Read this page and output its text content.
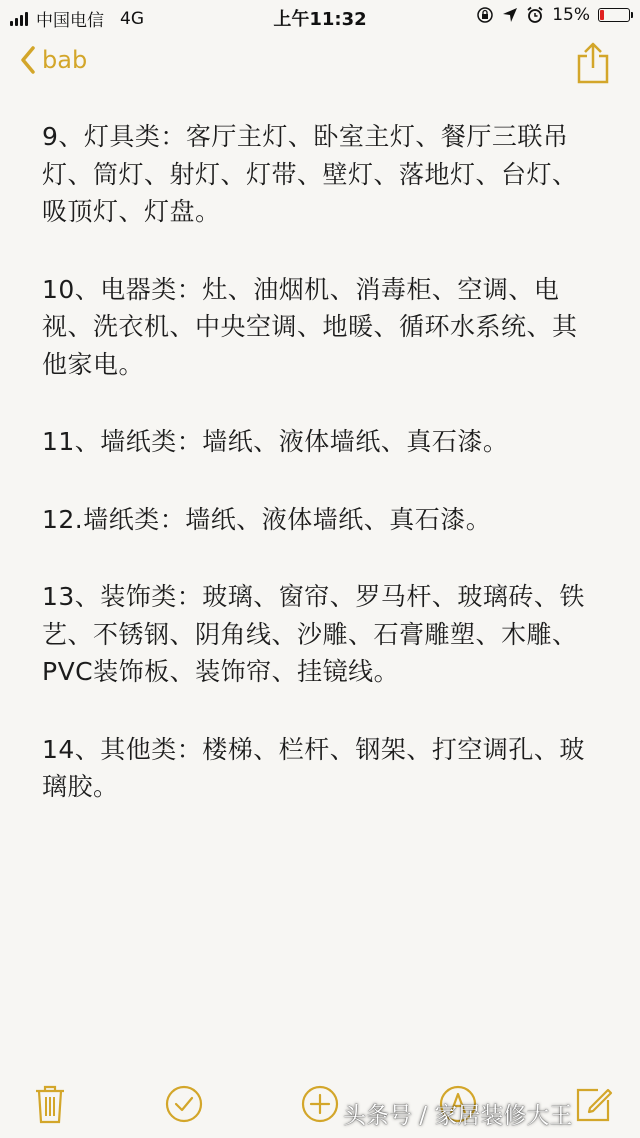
中国电信 4G	上午11:32	15%
bab

9、灯具类：客厅主灯、卧室主灯、餐厅三联吊灯、筒灯、射灯、灯带、壁灯、落地灯、台灯、吸顶灯、灯盘。

10、电器类：灶、油烟机、消毒柜、空调、电视、洗衣机、中央空调、地暖、循环水系统、其他家电。

11、墙纸类：墙纸、液体墙纸、真石漆。

12.墙纸类：墙纸、液体墙纸、真石漆。

13、装饰类：玻璃、窗帘、罗马杆、玻璃砖、铁艺、不锈钢、阴角线、沙雕、石膏雕塑、木雕、PVC装饰板、装饰帘、挂镜线。

14、其他类：楼梯、栏杆、钢架、打空调孔、玻璃胶。

头条号 / 家居装修大王
